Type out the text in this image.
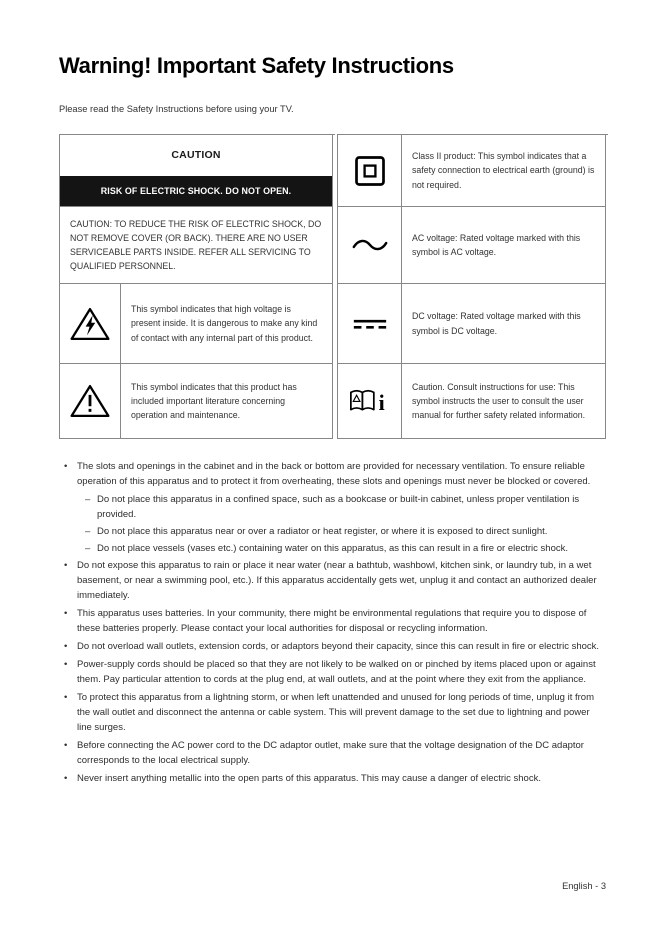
Warning! Important Safety Instructions

Please read the Safety Instructions before using your TV.

CAUTION
RISK OF ELECTRIC SHOCK. DO NOT OPEN.
CAUTION: TO REDUCE THE RISK OF ELECTRIC SHOCK, DO NOT REMOVE COVER (OR BACK). THERE ARE NO USER SERVICEABLE PARTS INSIDE. REFER ALL SERVICING TO QUALIFIED PERSONNEL.
This symbol indicates that high voltage is present inside. It is dangerous to make any kind of contact with any internal part of this product.
This symbol indicates that this product has included important literature concerning operation and maintenance.
Class II product: This symbol indicates that a safety connection to electrical earth (ground) is not required.
AC voltage: Rated voltage marked with this symbol is AC voltage.
DC voltage: Rated voltage marked with this symbol is DC voltage.
i
Caution. Consult instructions for use: This symbol instructs the user to consult the user manual for further safety related information.
•	The slots and openings in the cabinet and in the back or bottom are provided for necessary ventilation. To ensure reliable operation of this apparatus and to protect it from overheating, these slots and openings must never be blocked or covered.
– Do not place this apparatus in a confined space, such as a bookcase or built-in cabinet, unless proper ventilation is provided.
– Do not place this apparatus near or over a radiator or heat register, or where it is exposed to direct sunlight.
– Do not place vessels (vases etc.) containing water on this apparatus, as this can result in a fire or electric shock.
•	Do not expose this apparatus to rain or place it near water (near a bathtub, washbowl, kitchen sink, or laundry tub, in a wet basement, or near a swimming pool, etc.). If this apparatus accidentally gets wet, unplug it and contact an authorized dealer immediately.
•	This apparatus uses batteries. In your community, there might be environmental regulations that require you to dispose of these batteries properly. Please contact your local authorities for disposal or recycling information.
•	Do not overload wall outlets, extension cords, or adaptors beyond their capacity, since this can result in fire or electric shock.
•	Power-supply cords should be placed so that they are not likely to be walked on or pinched by items placed upon or against them. Pay particular attention to cords at the plug end, at wall outlets, and at the point where they exit from the appliance.
•	To protect this apparatus from a lightning storm, or when left unattended and unused for long periods of time, unplug it from the wall outlet and disconnect the antenna or cable system. This will prevent damage to the set due to lightning and power line surges.
•	Before connecting the AC power cord to the DC adaptor outlet, make sure that the voltage designation of the DC adaptor corresponds to the local electrical supply.
•	Never insert anything metallic into the open parts of this apparatus. This may cause a danger of electric shock.
English - 3
